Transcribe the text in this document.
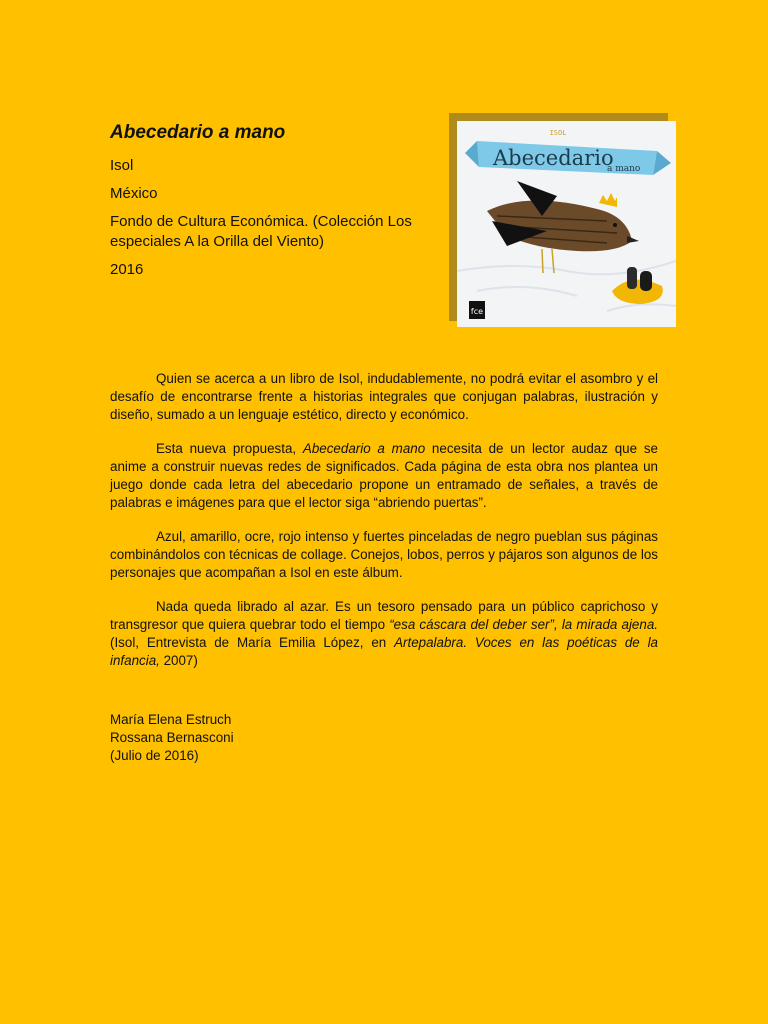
Abecedario a mano
Isol
México
Fondo de Cultura Económica. (Colección Los especiales A la Orilla del Viento)
2016
ISOL
Abecedario
a mano
fce

Quien se acerca a un libro de Isol, indudablemente, no podrá evitar el asombro y el desafío de encontrarse frente a historias integrales que conjugan palabras, ilustración y diseño, sumado a un lenguaje estético, directo y económico.

Esta nueva propuesta, Abecedario a mano necesita de un lector audaz que se anime a construir nuevas redes de significados. Cada página de esta obra nos plantea un juego donde cada letra del abecedario propone un entramado de señales, a través de palabras e imágenes para que el lector siga “abriendo puertas”.

Azul, amarillo, ocre, rojo intenso y fuertes pinceladas de negro pueblan sus páginas combinándolos con técnicas de collage. Conejos, lobos, perros y pájaros son algunos de los personajes que acompañan a Isol en este álbum.

Nada queda librado al azar. Es un tesoro pensado para un público caprichoso y transgresor que quiera quebrar todo el tiempo “esa cáscara del deber ser”, la mirada ajena. (Isol, Entrevista de María Emilia López, en Artepalabra. Voces en las poéticas de la infancia, 2007)

María Elena Estruch
Rossana Bernasconi
(Julio de 2016)
